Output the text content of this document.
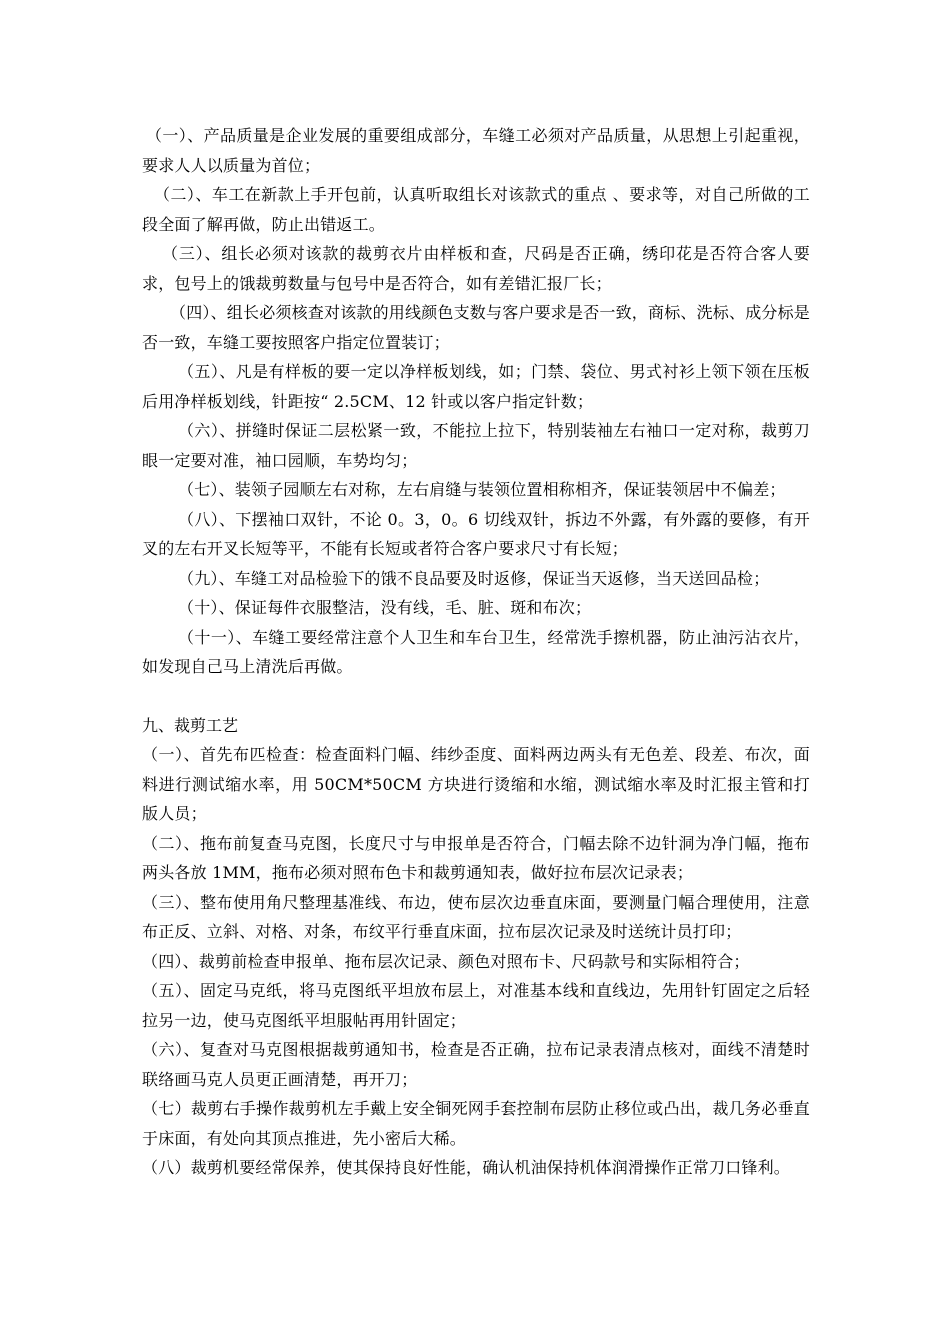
（一）、产品质量是企业发展的重要组成部分，车缝工必须对产品质量，从思想上引起重视，要求人人以质量为首位；

（二）、车工在新款上手开包前，认真听取组长对该款式的重点 、要求等，对自己所做的工段全面了解再做，防止出错返工。

（三）、组长必须对该款的裁剪衣片由样板和查，尺码是否正确，绣印花是否符合客人要求，包号上的饿裁剪数量与包号中是否符合，如有差错汇报厂长；

（四）、组长必须核查对该款的用线颜色支数与客户要求是否一致，商标、洗标、成分标是否一致，车缝工要按照客户指定位置装订；

（五）、凡是有样板的要一定以净样板划线，如；门禁、袋位、男式衬衫上领下领在压板后用净样板划线，针距按“ 2.5CM、12 针或以客户指定针数；

（六）、拼缝时保证二层松紧一致，不能拉上拉下，特别装袖左右袖口一定对称，裁剪刀眼一定要对准，袖口园顺，车势均匀；

（七）、装领子园顺左右对称，左右肩缝与装领位置相称相齐，保证装领居中不偏差；

（八）、下摆袖口双针，不论 0。3，0。6 切线双针，拆边不外露，有外露的要修，有开叉的左右开叉长短等平，不能有长短或者符合客户要求尺寸有长短；

（九）、车缝工对品检验下的饿不良品要及时返修，保证当天返修，当天送回品检；

（十）、保证每件衣服整洁，没有线，毛、脏、斑和布次；

（十一）、车缝工要经常注意个人卫生和车台卫生，经常洗手擦机器，防止油污沾衣片，如发现自己马上清洗后再做。

九、裁剪工艺

（一）、首先布匹检查：检查面料门幅、纬纱歪度、面料两边两头有无色差、段差、布次，面料进行测试缩水率，用 50CM*50CM 方块进行烫缩和水缩，测试缩水率及时汇报主管和打版人员；

（二）、拖布前复查马克图，长度尺寸与申报单是否符合，门幅去除不边针洞为净门幅，拖布两头各放 1MM，拖布必须对照布色卡和裁剪通知表，做好拉布层次记录表；

（三）、整布使用角尺整理基准线、布边，使布层次边垂直床面，要测量门幅合理使用，注意布正反、立斜、对格、对条，布纹平行垂直床面，拉布层次记录及时送统计员打印；

（四）、裁剪前检查申报单、拖布层次记录、颜色对照布卡、尺码款号和实际相符合；

（五）、固定马克纸，将马克图纸平坦放布层上，对准基本线和直线边，先用针钉固定之后轻拉另一边，使马克图纸平坦服帖再用针固定；

（六）、复查对马克图根据裁剪通知书，检查是否正确，拉布记录表清点核对，面线不清楚时联络画马克人员更正画清楚，再开刀；

（七）裁剪右手操作裁剪机左手戴上安全铜死网手套控制布层防止移位或凸出，裁几务必垂直于床面，有处向其顶点推进，先小密后大稀。

（八）裁剪机要经常保养，使其保持良好性能，确认机油保持机体润滑操作正常刀口锋利。
